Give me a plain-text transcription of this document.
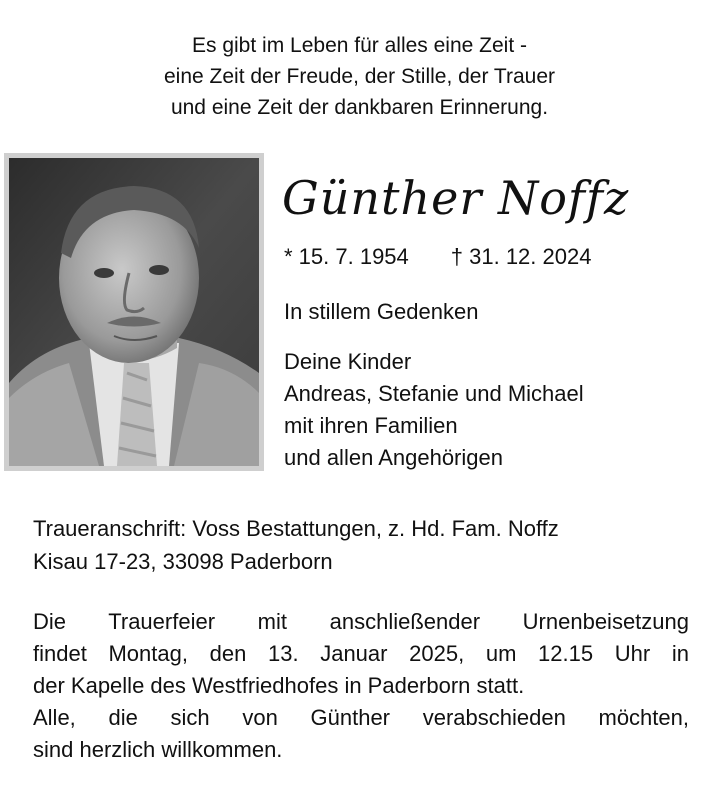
Es gibt im Leben für alles eine Zeit -
eine Zeit der Freude, der Stille, der Trauer
und eine Zeit der dankbaren Erinnerung.
Günther Noffz
* 15. 7. 1954 † 31. 12. 2024
In stillem Gedenken
Deine Kinder
Andreas, Stefanie und Michael
mit ihren Familien
und allen Angehörigen
Traueranschrift: Voss Bestattungen, z. Hd. Fam. Noffz
Kisau 17-23, 33098 Paderborn
Die Trauerfeier mit anschließender Urnenbeisetzung
findet Montag, den 13. Januar 2025, um 12.15 Uhr in
der Kapelle des Westfriedhofes in Paderborn statt.
Alle, die sich von Günther verabschieden möchten,
sind herzlich willkommen.
